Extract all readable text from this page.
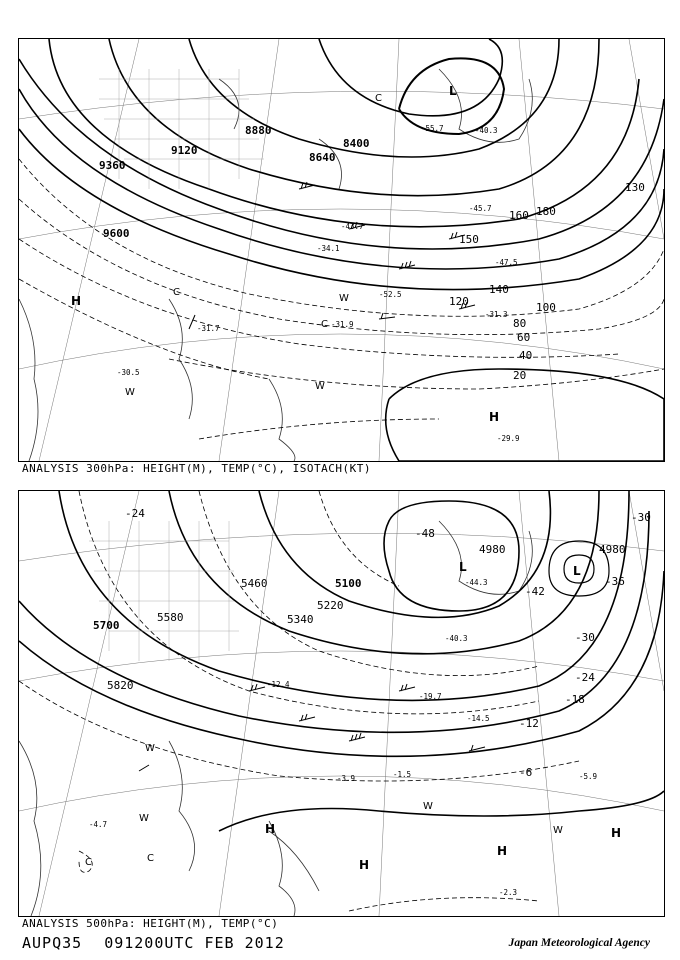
9600
9360
9120
8880
8640
8400
20
40
60
80
100
120
140
150
160 180
130
-30.5
-31.7
-29.9
-34.1
-43.7
-55.7	-40.3
-45.7
-52.5
-31.3
-31.9
-47.5
H
H
L
W
W
W
C
C
C
ANALYSIS 300hPa: HEIGHT(M), TEMP(°C), ISOTACH(KT)
5820
5700
5580
5460
5340
5220
5100
4980	4980
-24	-30
-36
-42
-48
-30
-24
-18
-12
-6
-4.7
-2.3
-5.9
-1.5
-3.9
-12.4
-14.5
-19.7
-40.3
-44.3
H
H
H
H
L	L
W
W
W
W
C	C
ANALYSIS 500hPa: HEIGHT(M), TEMP(°C)
AUPQ35 091200UTC FEB 2012	Japan Meteorological Agency
